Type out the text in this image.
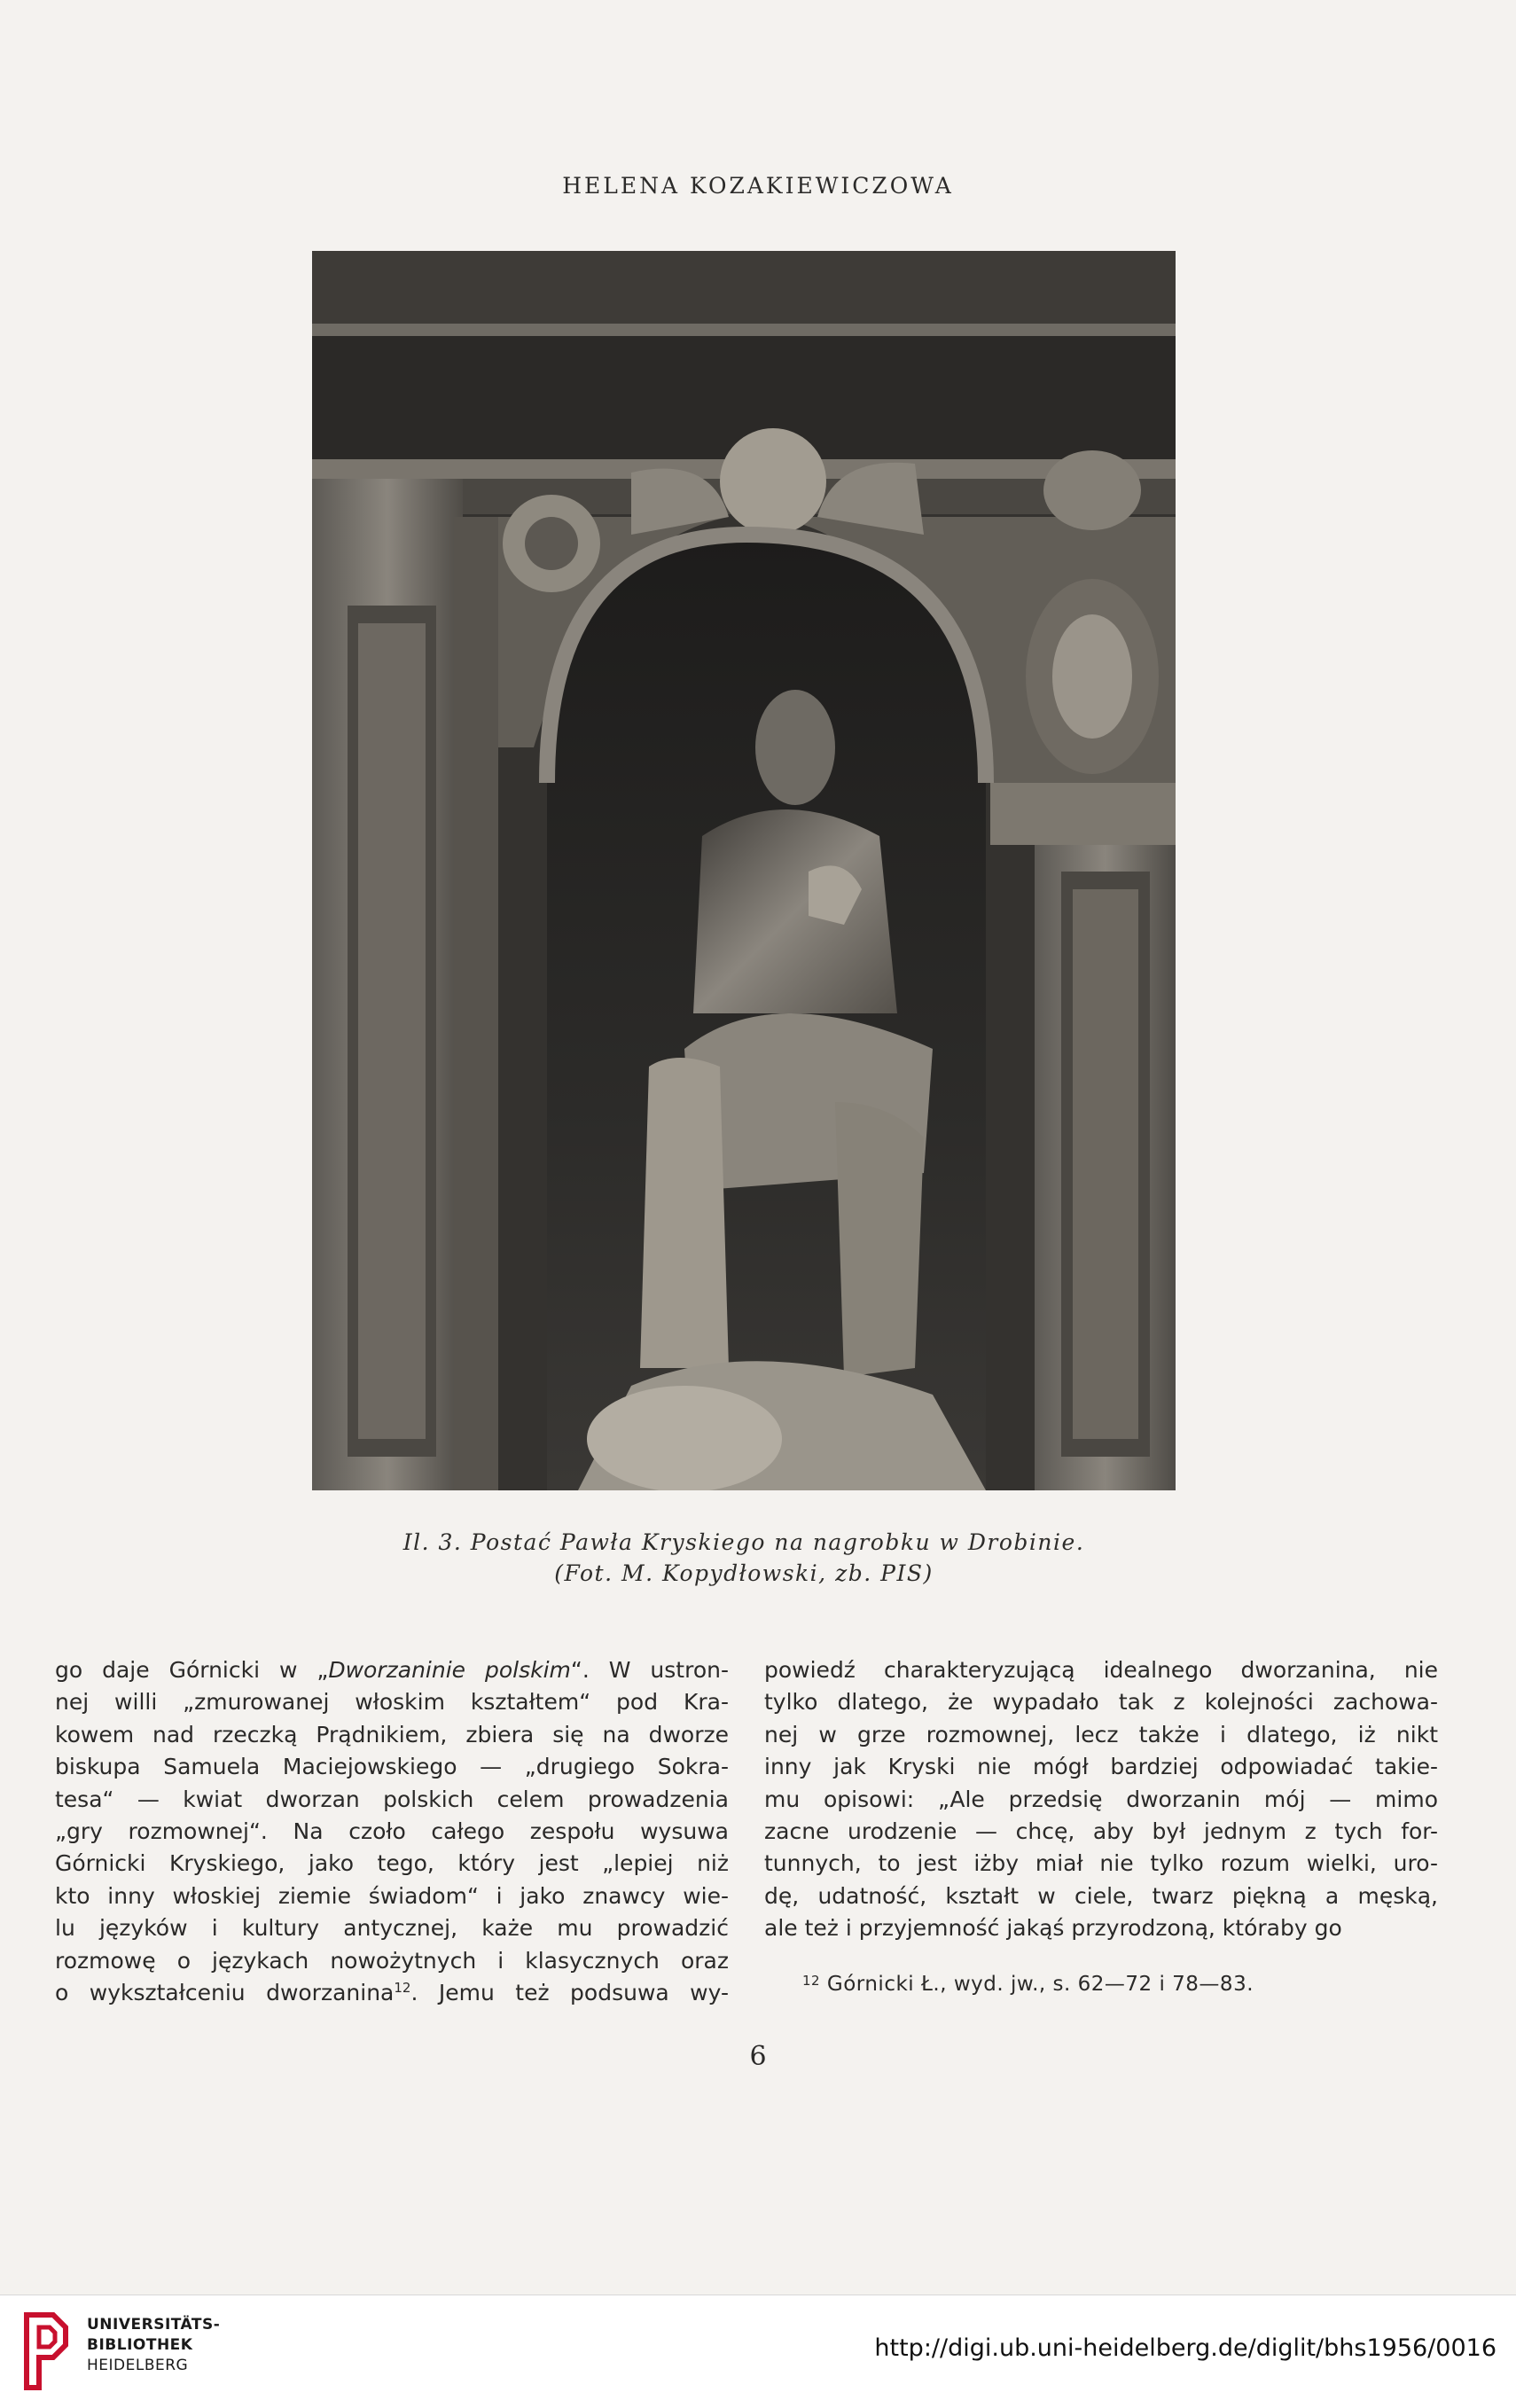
HELENA KOZAKIEWICZOWA
Il. 3. Postać Pawła Kryskiego na nagrobku w Drobinie.
(Fot. M. Kopydłowski, zb. PIS)
go daje Górnicki w „Dworzaninie polskim“. W ustron-
nej willi „zmurowanej włoskim kształtem“ pod Kra-
kowem nad rzeczką Prądnikiem, zbiera się na dworze
biskupa Samuela Maciejowskiego — „drugiego Sokra-
tesa“ — kwiat dworzan polskich celem prowadzenia
„gry rozmownej“. Na czoło całego zespołu wysuwa
Górnicki Kryskiego, jako tego, który jest „lepiej niż
kto inny włoskiej ziemie świadom“ i jako znawcy wie-
lu języków i kultury antycznej, każe mu prowadzić
rozmowę o językach nowożytnych i klasycznych oraz
o wykształceniu dworzanina$^{12}$. Jemu też podsuwa wy-
powiedź charakteryzującą idealnego dworzanina, nie
tylko dlatego, że wypadało tak z kolejności zachowa-
nej w grze rozmownej, lecz także i dlatego, iż nikt
inny jak Kryski nie mógł bardziej odpowiadać takie-
mu opisowi: „Ale przedsię dworzanin mój — mimo
zacne urodzenie — chcę, aby był jednym z tych for-
tunnych, to jest iżby miał nie tylko rozum wielki, uro-
dę, udatność, kształt w ciele, twarz piękną a męską,
ale też i przyjemność jakąś przyrodzoną, któraby go
$^{12}$ Górnicki Ł., wyd. jw., s. 62—72 i 78—83.
6
UNIVERSITÄTS-
BIBLIOTHEK
HEIDELBERG
http://digi.ub.uni-heidelberg.de/diglit/bhs1956/0016
